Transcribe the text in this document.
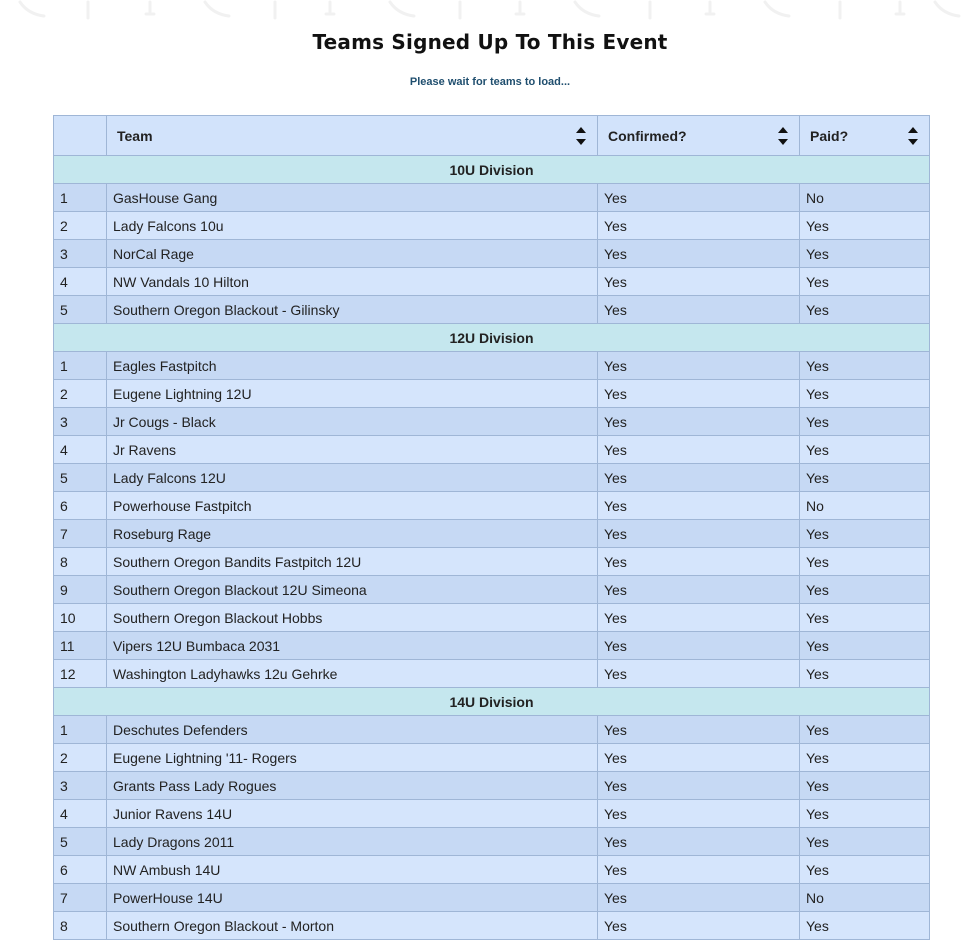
Teams Signed Up To This Event
Please wait for teams to load...
	Team	Confirmed?	Paid?

10U Division			
1	GasHouse Gang	Yes	No
2	Lady Falcons 10u	Yes	Yes
3	NorCal Rage	Yes	Yes
4	NW Vandals 10 Hilton	Yes	Yes
5	Southern Oregon Blackout - Gilinsky	Yes	Yes
12U Division			
1	Eagles Fastpitch	Yes	Yes
2	Eugene Lightning 12U	Yes	Yes
3	Jr Cougs - Black	Yes	Yes
4	Jr Ravens	Yes	Yes
5	Lady Falcons 12U	Yes	Yes
6	Powerhouse Fastpitch	Yes	No
7	Roseburg Rage	Yes	Yes
8	Southern Oregon Bandits Fastpitch 12U	Yes	Yes
9	Southern Oregon Blackout 12U Simeona	Yes	Yes
10	Southern Oregon Blackout Hobbs	Yes	Yes
11	Vipers 12U Bumbaca 2031	Yes	Yes
12	Washington Ladyhawks 12u Gehrke	Yes	Yes
14U Division			
1	Deschutes Defenders	Yes	Yes
2	Eugene Lightning '11- Rogers	Yes	Yes
3	Grants Pass Lady Rogues	Yes	Yes
4	Junior Ravens 14U	Yes	Yes
5	Lady Dragons 2011	Yes	Yes
6	NW Ambush 14U	Yes	Yes
7	PowerHouse 14U	Yes	No
8	Southern Oregon Blackout - Morton	Yes	Yes
